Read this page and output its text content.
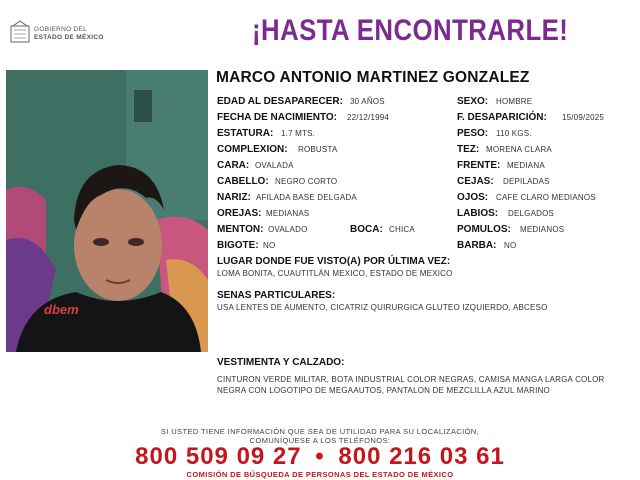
GOBIERNO DEL
ESTADO DE MÉXICO	¡HASTA ENCONTRARLE!
dbem
MARCO ANTONIO MARTINEZ GONZALEZ
EDAD AL DESAPARECER: 30 AÑOS
FECHA DE NACIMIENTO: 22/12/1994
ESTATURA: 1.7 MTS.
COMPLEXION: ROBUSTA
CARA: OVALADA
CABELLO: NEGRO CORTO
NARIZ: AFILADA BASE DELGADA
OREJAS: MEDIANAS
MENTON: OVALADO
BIGOTE: NO
BOCA: CHICA
SEXO: HOMBRE
F. DESAPARICIÓN: 15/09/2025
PESO: 110 KGS.
TEZ: MORENA CLARA
FRENTE: MEDIANA
CEJAS: DEPILADAS
OJOS: CAFE CLARO MEDIANOS
LABIOS: DELGADOS
POMULOS: MEDIANOS
BARBA: NO
LUGAR DONDE FUE VISTO(A) POR ÚLTIMA VEZ:
LOMA BONITA, CUAUTITLÁN MEXICO, ESTADO DE MEXICO
SENAS PARTICULARES:
USA LENTES DE AUMENTO, CICATRIZ QUIRURGICA GLUTEO IZQUIERDO, ABCESO
VESTIMENTA Y CALZADO:
CINTURON VERDE MILITAR, BOTA INDUSTRIAL COLOR NEGRAS, CAMISA MANGA LARGA COLOR NEGRA CON LOGOTIPO DE MEGAAUTOS, PANTALON DE MEZCLILLA AZUL MARINO
SI USTED TIENE INFORMACIÓN QUE SEA DE UTILIDAD PARA SU LOCALIZACIÓN,
COMUNÍQUESE A LOS TELÉFONOS:
800 509 09 27 • 800 216 03 61
COMISIÓN DE BÚSQUEDA DE PERSONAS DEL ESTADO DE MÉXICO
